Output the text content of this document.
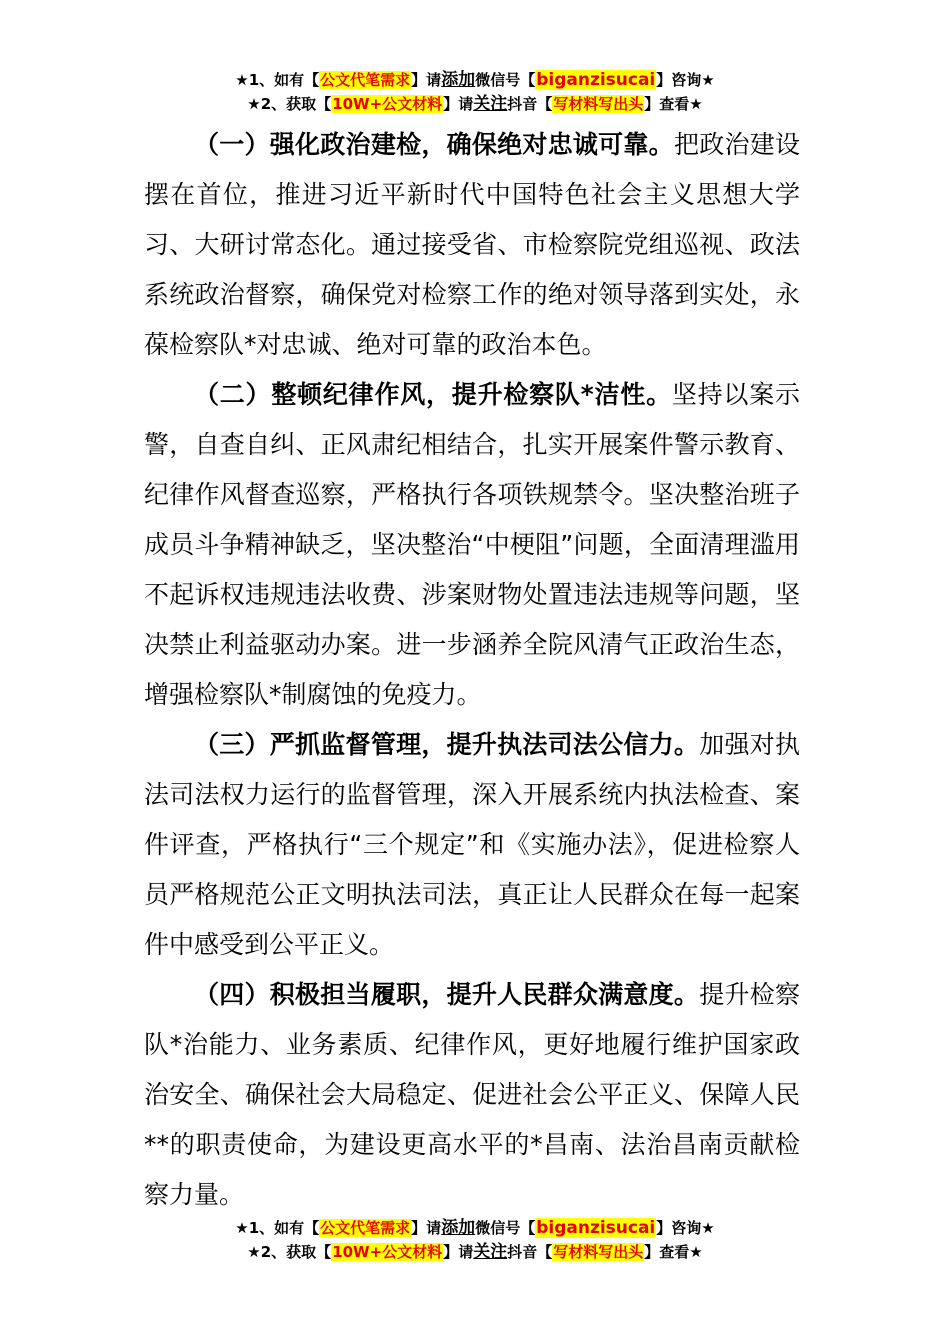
★1、如有【公文代笔需求】请添加微信号【biganzisucai】咨询★
★2、获取【10W+公文材料】请关注抖音【写材料写出头】查看★

（一）强化政治建检，确保绝对忠诚可靠。把政治建设摆在首位，推进习近平新时代中国特色社会主义思想大学习、大研讨常态化。通过接受省、市检察院党组巡视、政法系统政治督察，确保党对检察工作的绝对领导落到实处，永葆检察队*对忠诚、绝对可靠的政治本色。

（二）整顿纪律作风，提升检察队*洁性。坚持以案示警，自查自纠、正风肃纪相结合，扎实开展案件警示教育、纪律作风督查巡察，严格执行各项铁规禁令。坚决整治班子成员斗争精神缺乏，坚决整治“中梗阻”问题，全面清理滥用不起诉权违规违法收费、涉案财物处置违法违规等问题，坚决禁止利益驱动办案。进一步涵养全院风清气正政治生态，增强检察队*制腐蚀的免疫力。

（三）严抓监督管理，提升执法司法公信力。加强对执法司法权力运行的监督管理，深入开展系统内执法检查、案件评查，严格执行“三个规定”和《实施办法》，促进检察人员严格规范公正文明执法司法，真正让人民群众在每一起案件中感受到公平正义。

（四）积极担当履职，提升人民群众满意度。提升检察队*治能力、业务素质、纪律作风，更好地履行维护国家政治安全、确保社会大局稳定、促进社会公平正义、保障人民**的职责使命，为建设更高水平的*昌南、法治昌南贡献检察力量。

★1、如有【公文代笔需求】请添加微信号【biganzisucai】咨询★
★2、获取【10W+公文材料】请关注抖音【写材料写出头】查看★
